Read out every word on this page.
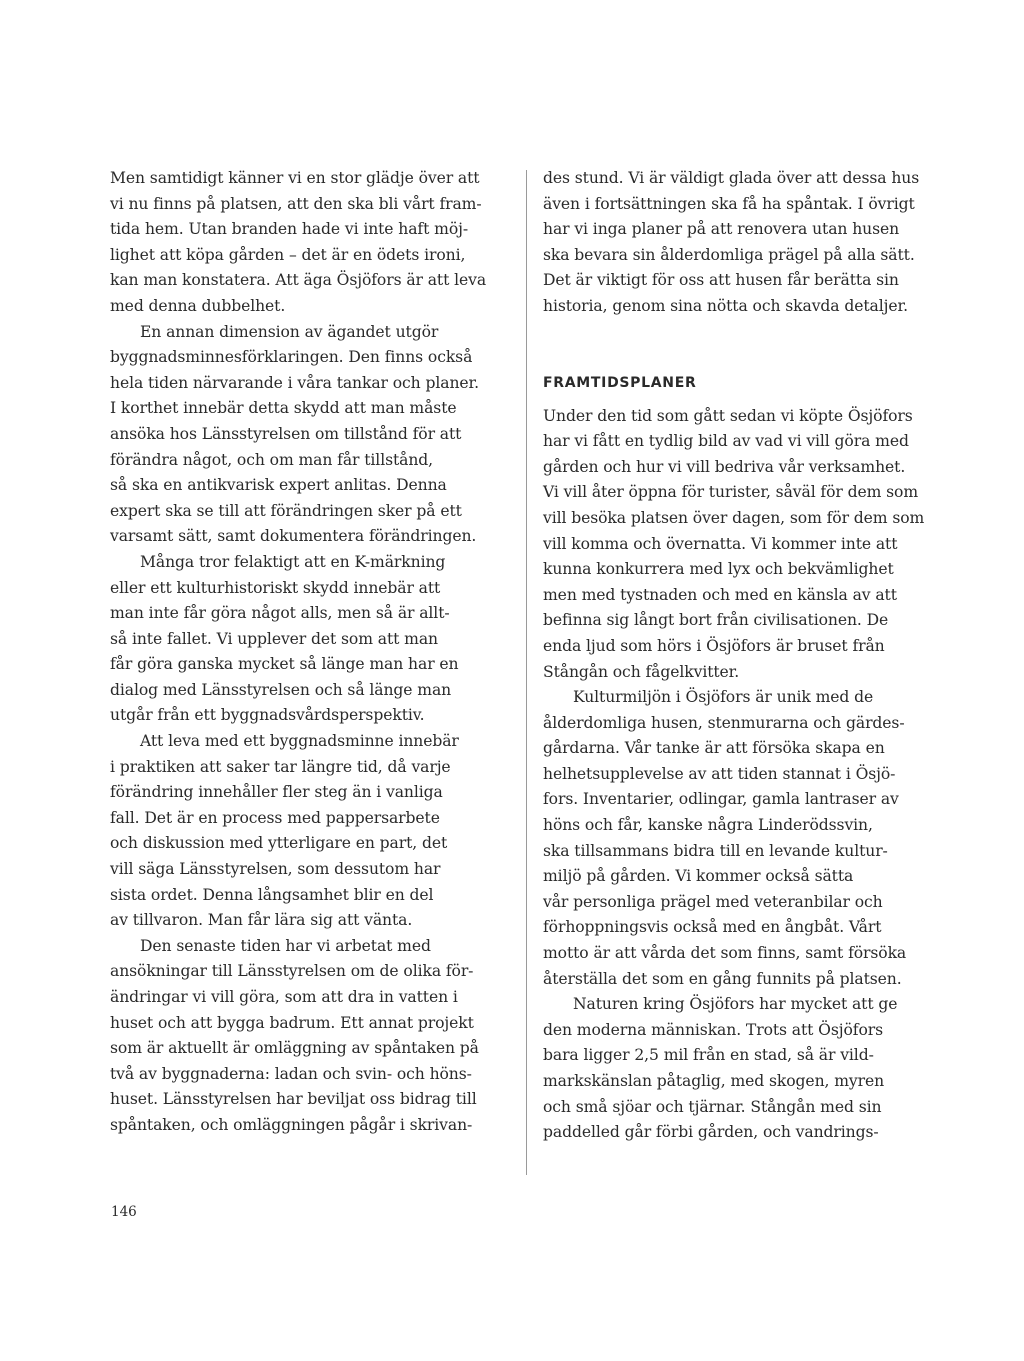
Men samtidigt känner vi en stor glädje över att
vi nu finns på platsen, att den ska bli vårt fram-
tida hem. Utan branden hade vi inte haft möj-
lighet att köpa gården – det är en ödets ironi,
kan man konstatera. Att äga Ösjöfors är att leva
med denna dubbelhet.
En annan dimension av ägandet utgör
byggnadsminnesförklaringen. Den finns också
hela tiden närvarande i våra tankar och planer.
I korthet innebär detta skydd att man måste
ansöka hos Länsstyrelsen om tillstånd för att
förändra något, och om man får tillstånd,
så ska en antikvarisk expert anlitas. Denna
expert ska se till att förändringen sker på ett
varsamt sätt, samt dokumentera förändringen.
Många tror felaktigt att en K-märkning
eller ett kulturhistoriskt skydd innebär att
man inte får göra något alls, men så är allt-
så inte fallet. Vi upplever det som att man
får göra ganska mycket så länge man har en
dialog med Länsstyrelsen och så länge man
utgår från ett byggnadsvårdsperspektiv.
Att leva med ett byggnadsminne innebär
i praktiken att saker tar längre tid, då varje
förändring innehåller fler steg än i vanliga
fall. Det är en process med pappersarbete
och diskussion med ytterligare en part, det
vill säga Länsstyrelsen, som dessutom har
sista ordet. Denna långsamhet blir en del
av tillvaron. Man får lära sig att vänta.
Den senaste tiden har vi arbetat med
ansökningar till Länsstyrelsen om de olika för-
ändringar vi vill göra, som att dra in vatten i
huset och att bygga badrum. Ett annat projekt
som är aktuellt är omläggning av spåntaken på
två av byggnaderna: ladan och svin- och höns-
huset. Länsstyrelsen har beviljat oss bidrag till
spåntaken, och omläggningen pågår i skrivan-
des stund. Vi är väldigt glada över att dessa hus
även i fortsättningen ska få ha spåntak. I övrigt
har vi inga planer på att renovera utan husen
ska bevara sin ålderdomliga prägel på alla sätt.
Det är viktigt för oss att husen får berätta sin
historia, genom sina nötta och skavda detaljer.
FRAMTIDSPLANER
Under den tid som gått sedan vi köpte Ösjöfors
har vi fått en tydlig bild av vad vi vill göra med
gården och hur vi vill bedriva vår verksamhet.
Vi vill åter öppna för turister, såväl för dem som
vill besöka platsen över dagen, som för dem som
vill komma och övernatta. Vi kommer inte att
kunna konkurrera med lyx och bekvämlighet
men med tystnaden och med en känsla av att
befinna sig långt bort från civilisationen. De
enda ljud som hörs i Ösjöfors är bruset från
Stångån och fågelkvitter.
Kulturmiljön i Ösjöfors är unik med de
ålderdomliga husen, stenmurarna och gärdes-
gårdarna. Vår tanke är att försöka skapa en
helhetsupplevelse av att tiden stannat i Ösjö-
fors. Inventarier, odlingar, gamla lantraser av
höns och får, kanske några Linderödssvin,
ska tillsammans bidra till en levande kultur-
miljö på gården. Vi kommer också sätta
vår personliga prägel med veteranbilar och
förhoppningsvis också med en ångbåt. Vårt
motto är att vårda det som finns, samt försöka
återställa det som en gång funnits på platsen.
Naturen kring Ösjöfors har mycket att ge
den moderna människan. Trots att Ösjöfors
bara ligger 2,5 mil från en stad, så är vild-
markskänslan påtaglig, med skogen, myren
och små sjöar och tjärnar. Stångån med sin
paddelled går förbi gården, och vandrings-
146
